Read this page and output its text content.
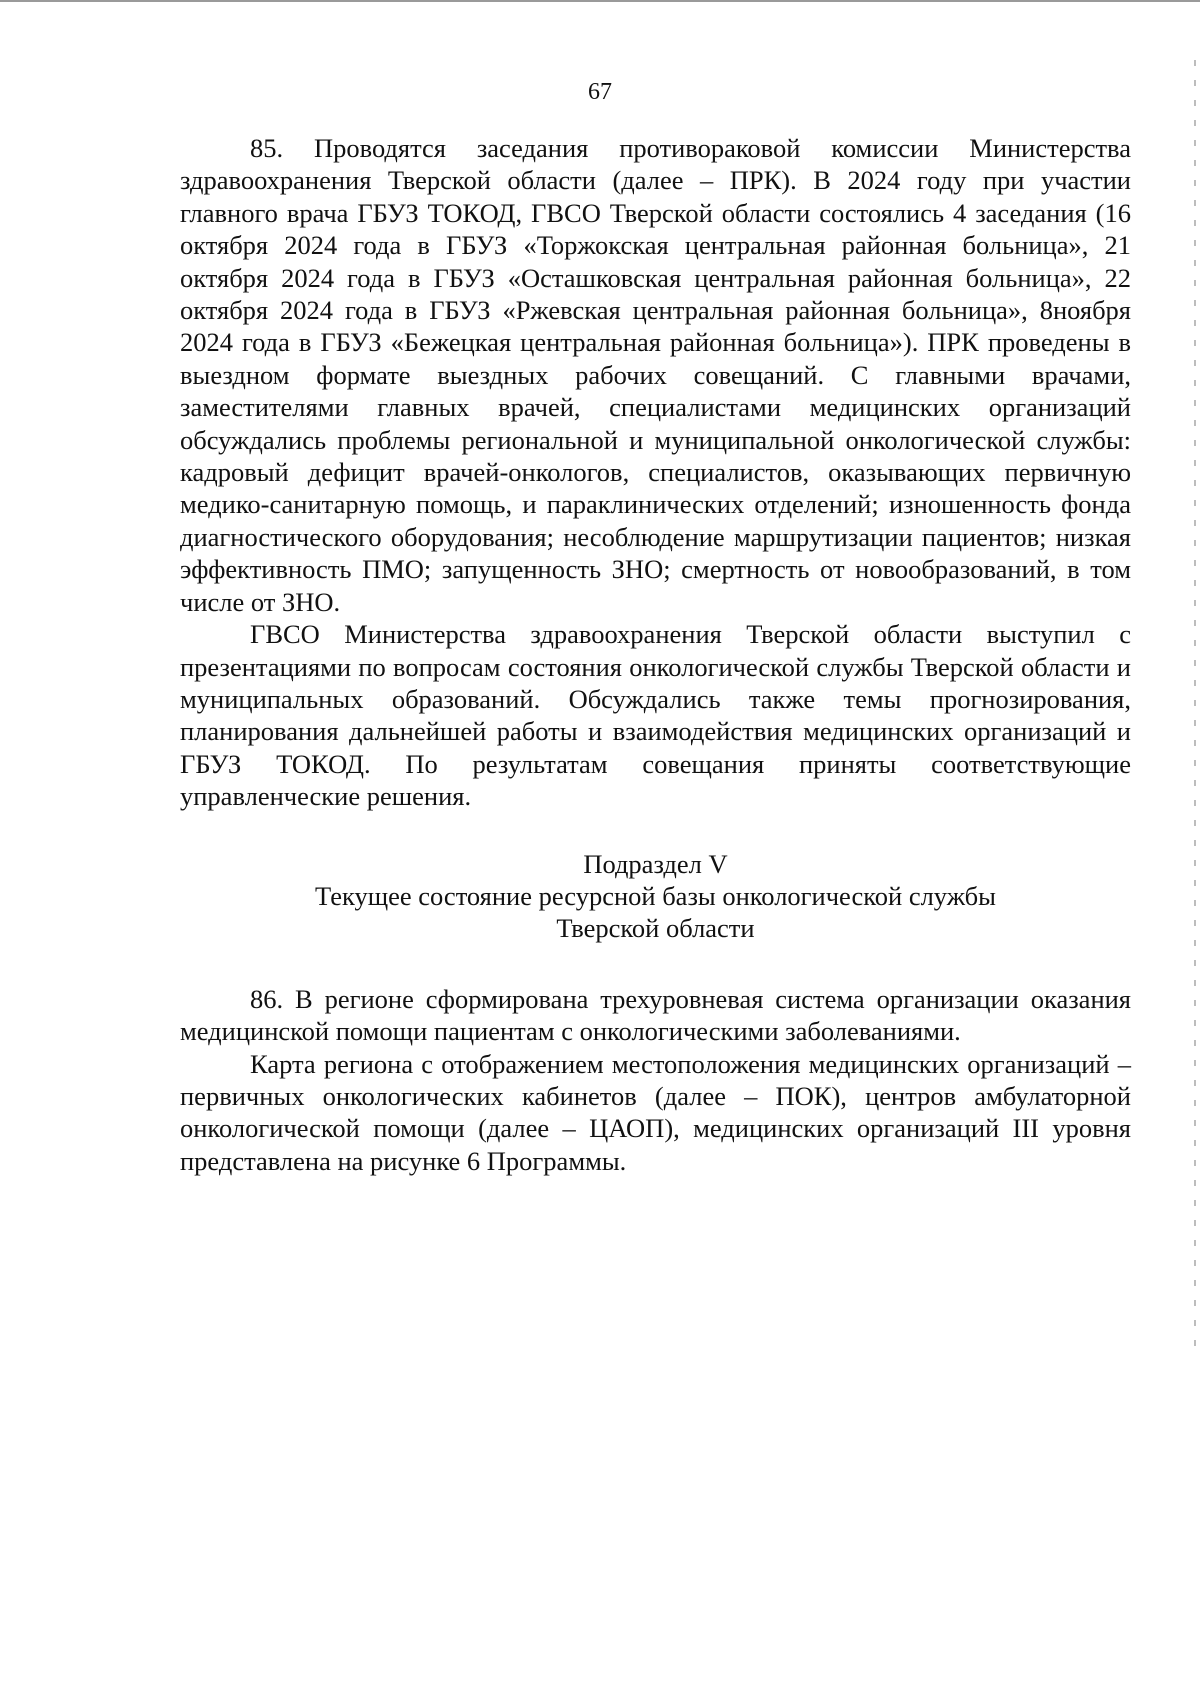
67

85. Проводятся заседания противораковой комиссии Министерства здравоохранения Тверской области (далее – ПРК). В 2024 году при участии главного врача ГБУЗ ТОКОД, ГВСО Тверской области состоялись 4 заседания (16 октября 2024 года в ГБУЗ «Торжокская центральная районная больница», 21 октября 2024 года в ГБУЗ «Осташковская центральная районная больница», 22 октября 2024 года в ГБУЗ «Ржевская центральная районная больница», 8ноября 2024 года в ГБУЗ «Бежецкая центральная районная больница»). ПРК проведены в выездном формате выездных рабочих совещаний. С главными врачами, заместителями главных врачей, специалистами медицинских организаций обсуждались проблемы региональной и муниципальной онкологической службы: кадровый дефицит врачей-онкологов, специалистов, оказывающих первичную медико-санитарную помощь, и параклинических отделений; изношенность фонда диагностического оборудования; несоблюдение маршрутизации пациентов; низкая эффективность ПМО; запущенность ЗНО; смертность от новообразований, в том числе от ЗНО.

ГВСО Министерства здравоохранения Тверской области выступил с презентациями по вопросам состояния онкологической службы Тверской области и муниципальных образований. Обсуждались также темы прогнозирования, планирования дальнейшей работы и взаимодействия медицинских организаций и ГБУЗ ТОКОД. По результатам совещания приняты соответствующие управленческие решения.

Подраздел V

Текущее состояние ресурсной базы онкологической службы

Тверской области

86. В регионе сформирована трехуровневая система организации оказания медицинской помощи пациентам с онкологическими заболеваниями.

Карта региона с отображением местоположения медицинских организаций – первичных онкологических кабинетов (далее – ПОК), центров амбулаторной онкологической помощи (далее – ЦАОП), медицинских организаций III уровня представлена на рисунке 6 Программы.
